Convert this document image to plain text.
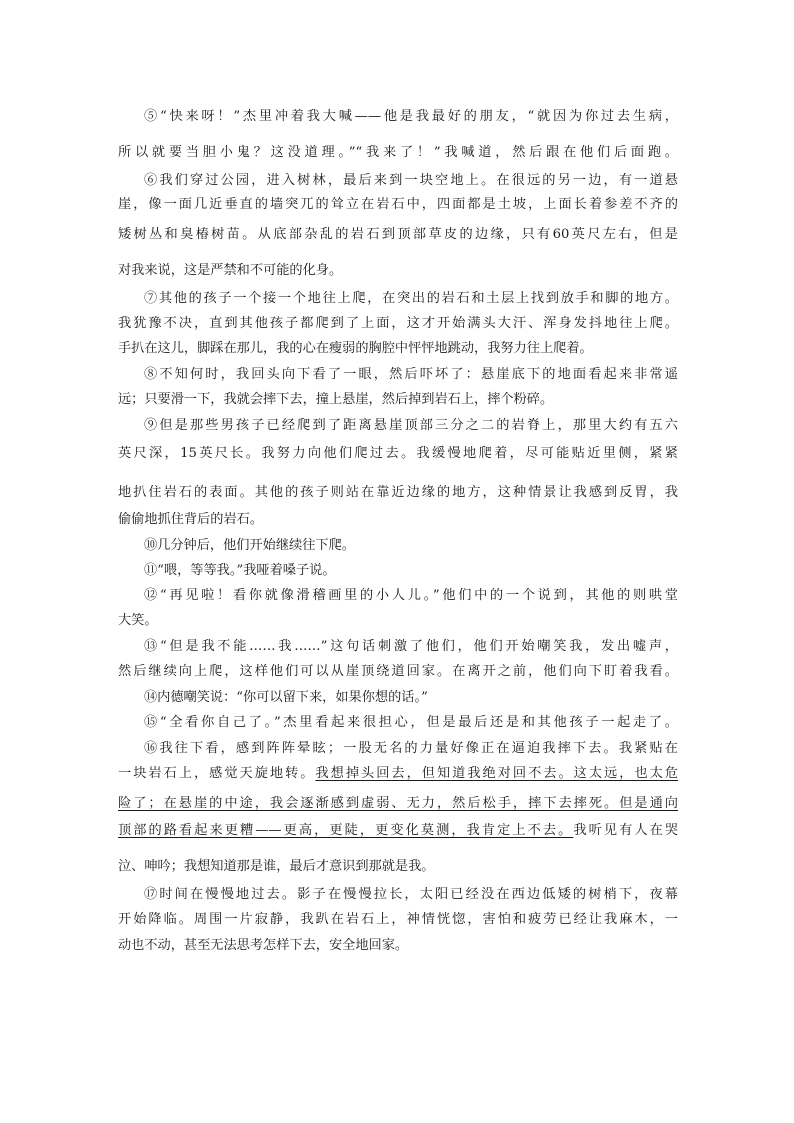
⑤“快来呀！”杰里冲着我大喊——他是我最好的朋友，“就因为你过去生病，
所以就要当胆小鬼？这没道理。”“我来了！”我喊道，然后跟在他们后面跑。
⑥我们穿过公园，进入树林，最后来到一块空地上。在很远的另一边，有一道悬
崖，像一面几近垂直的墙突兀的耸立在岩石中，四面都是土坡，上面长着参差不齐的
矮树丛和臭椿树苗。从底部杂乱的岩石到顶部草皮的边缘，只有60英尺左右，但是
对我来说，这是严禁和不可能的化身。
⑦其他的孩子一个接一个地往上爬，在突出的岩石和土层上找到放手和脚的地方。
我犹豫不决，直到其他孩子都爬到了上面，这才开始满头大汗、浑身发抖地往上爬。
手扒在这儿，脚踩在那儿，我的心在瘦弱的胸腔中怦怦地跳动，我努力往上爬着。
⑧不知何时，我回头向下看了一眼，然后吓坏了：悬崖底下的地面看起来非常遥
远；只要滑一下，我就会摔下去，撞上悬崖，然后掉到岩石上，摔个粉碎。
⑨但是那些男孩子已经爬到了距离悬崖顶部三分之二的岩脊上，那里大约有五六
英尺深，15英尺长。我努力向他们爬过去。我缓慢地爬着，尽可能贴近里侧，紧紧
地扒住岩石的表面。其他的孩子则站在靠近边缘的地方，这种情景让我感到反胃，我
偷偷地抓住背后的岩石。
⑩几分钟后，他们开始继续往下爬。
⑪“喂，等等我。”我哑着嗓子说。
⑫“再见啦！看你就像滑稽画里的小人儿。”他们中的一个说到，其他的则哄堂
大笑。
⑬“但是我不能……我……”这句话刺激了他们，他们开始嘲笑我，发出嘘声，
然后继续向上爬，这样他们可以从崖顶绕道回家。在离开之前，他们向下盯着我看。
⑭内德嘲笑说：“你可以留下来，如果你想的话。”
⑮“全看你自己了。”杰里看起来很担心，但是最后还是和其他孩子一起走了。
⑯我往下看，感到阵阵晕眩；一股无名的力量好像正在逼迫我摔下去。我紧贴在
一块岩石上，感觉天旋地转。我想掉头回去，但知道我绝对回不去。这太远，也太危
险了；在悬崖的中途，我会逐渐感到虚弱、无力，然后松手，摔下去摔死。但是通向
顶部的路看起来更糟——更高，更陡，更变化莫测，我肯定上不去。我听见有人在哭
泣、呻吟；我想知道那是谁，最后才意识到那就是我。
⑰时间在慢慢地过去。影子在慢慢拉长，太阳已经没在西边低矮的树梢下，夜幕
开始降临。周围一片寂静，我趴在岩石上，神情恍惚，害怕和疲劳已经让我麻木，一
动也不动，甚至无法思考怎样下去，安全地回家。
